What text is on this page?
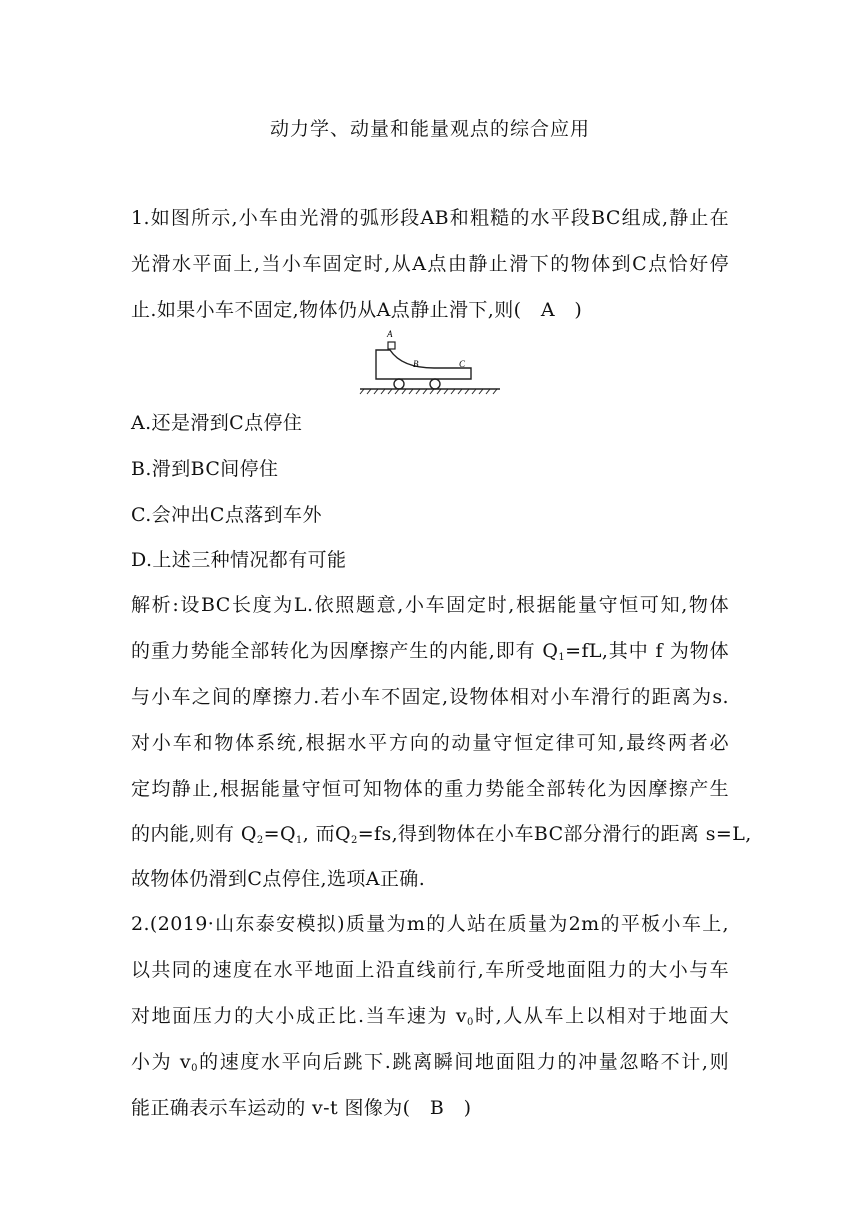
动力学、动量和能量观点的综合应用
1.如图所示,小车由光滑的弧形段AB和粗糙的水平段BC组成,静止在
光滑水平面上,当小车固定时,从A点由静止滑下的物体到C点恰好停
止.如果小车不固定,物体仍从A点静止滑下,则(　A　)
A
B	C
A.还是滑到C点停住
B.滑到BC间停住
C.会冲出C点落到车外
D.上述三种情况都有可能
解析:设BC长度为L.依照题意,小车固定时,根据能量守恒可知,物体
的重力势能全部转化为因摩擦产生的内能,即有 $Q_1=fL$,其中 f 为物体
与小车之间的摩擦力.若小车不固定,设物体相对小车滑行的距离为s.
对小车和物体系统,根据水平方向的动量守恒定律可知,最终两者必
定均静止,根据能量守恒可知物体的重力势能全部转化为因摩擦产生
的内能,则有 $Q_2=Q_1$, 而$Q_2=fs$,得到物体在小车BC部分滑行的距离 s=L,
故物体仍滑到C点停住,选项A正确.
2.(2019·山东泰安模拟)质量为m的人站在质量为2m的平板小车上,
以共同的速度在水平地面上沿直线前行,车所受地面阻力的大小与车
对地面压力的大小成正比.当车速为 $v_0$时,人从车上以相对于地面大
小为 $v_0$的速度水平向后跳下.跳离瞬间地面阻力的冲量忽略不计,则
能正确表示车运动的 v-t 图像为(　B　)
